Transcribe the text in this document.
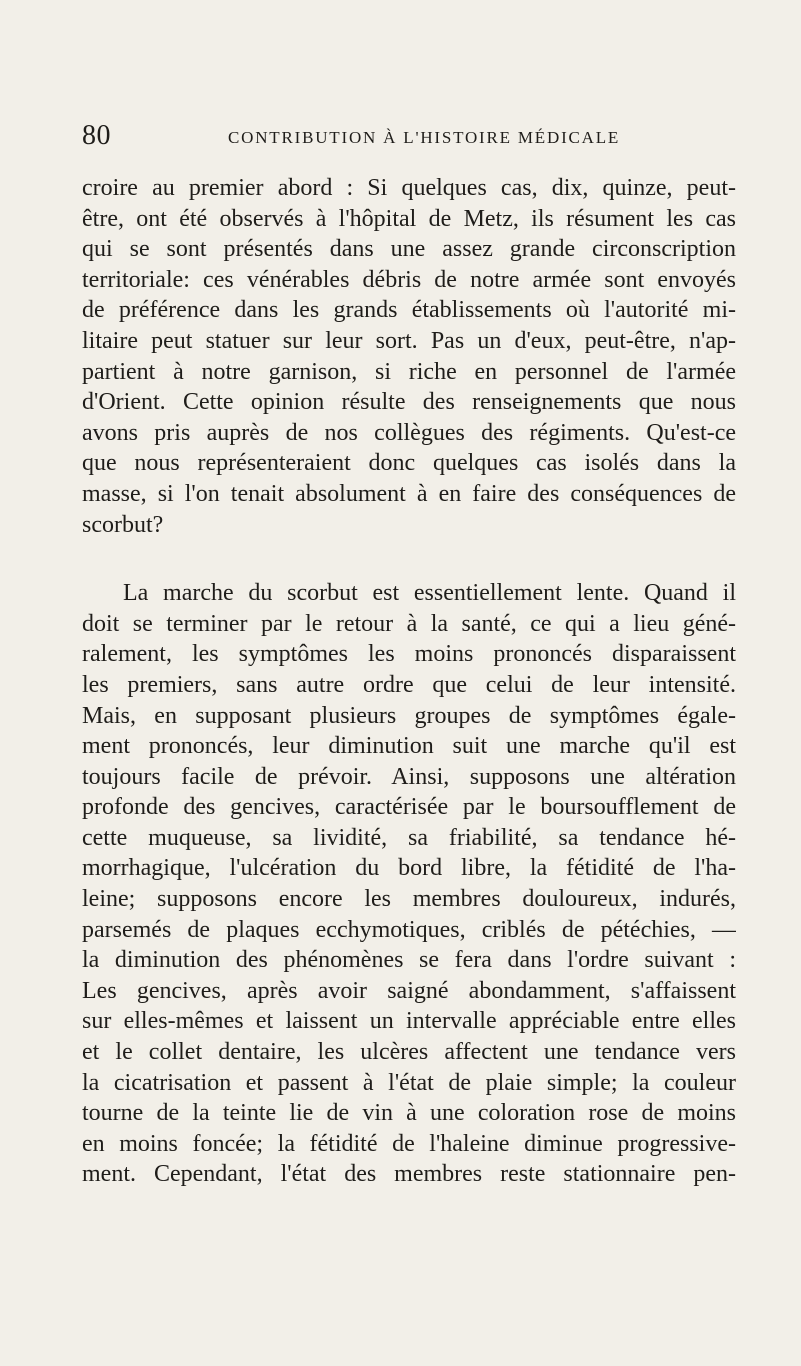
80	CONTRIBUTION À L'HISTOIRE MÉDICALE
croire au premier abord : Si quelques cas, dix, quinze, peut-
être, ont été observés à l'hôpital de Metz, ils résument les cas
qui se sont présentés dans une assez grande circonscription
territoriale: ces vénérables débris de notre armée sont envoyés
de préférence dans les grands établissements où l'autorité mi-
litaire peut statuer sur leur sort. Pas un d'eux, peut-être, n'ap-
partient à notre garnison, si riche en personnel de l'armée
d'Orient. Cette opinion résulte des renseignements que nous
avons pris auprès de nos collègues des régiments. Qu'est-ce
que nous représenteraient donc quelques cas isolés dans la
masse, si l'on tenait absolument à en faire des conséquences de
scorbut?
La marche du scorbut est essentiellement lente. Quand il
doit se terminer par le retour à la santé, ce qui a lieu géné-
ralement, les symptômes les moins prononcés disparaissent
les premiers, sans autre ordre que celui de leur intensité.
Mais, en supposant plusieurs groupes de symptômes égale-
ment prononcés, leur diminution suit une marche qu'il est
toujours facile de prévoir. Ainsi, supposons une altération
profonde des gencives, caractérisée par le boursoufflement de
cette muqueuse, sa lividité, sa friabilité, sa tendance hé-
morrhagique, l'ulcération du bord libre, la fétidité de l'ha-
leine; supposons encore les membres douloureux, indurés,
parsemés de plaques ecchymotiques, criblés de pétéchies, —
la diminution des phénomènes se fera dans l'ordre suivant :
Les gencives, après avoir saigné abondamment, s'affaissent
sur elles-mêmes et laissent un intervalle appréciable entre elles
et le collet dentaire, les ulcères affectent une tendance vers
la cicatrisation et passent à l'état de plaie simple; la couleur
tourne de la teinte lie de vin à une coloration rose de moins
en moins foncée; la fétidité de l'haleine diminue progressive-
ment. Cependant, l'état des membres reste stationnaire pen-
